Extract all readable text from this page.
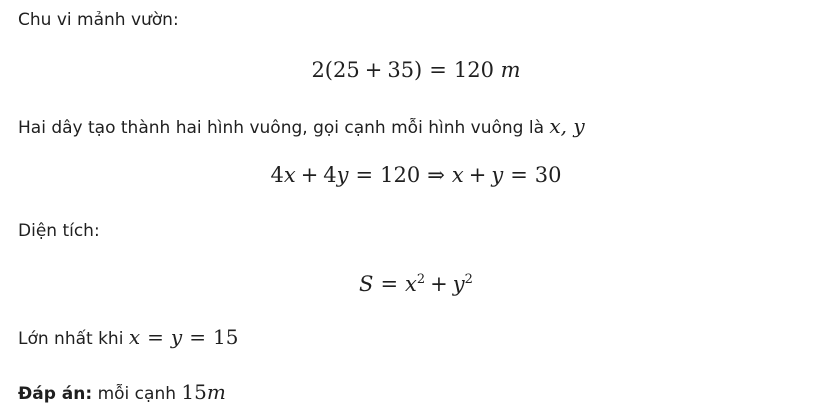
Chu vi mảnh vườn:
2(25 + 35) = 120 m
Hai dây tạo thành hai hình vuông, gọi cạnh mỗi hình vuông là x, y
4x + 4y = 120 ⇒ x + y = 30
Diện tích:
$S = x^2 + y^2$
Lớn nhất khi x = y = 15
Đáp án: mỗi cạnh 15m
